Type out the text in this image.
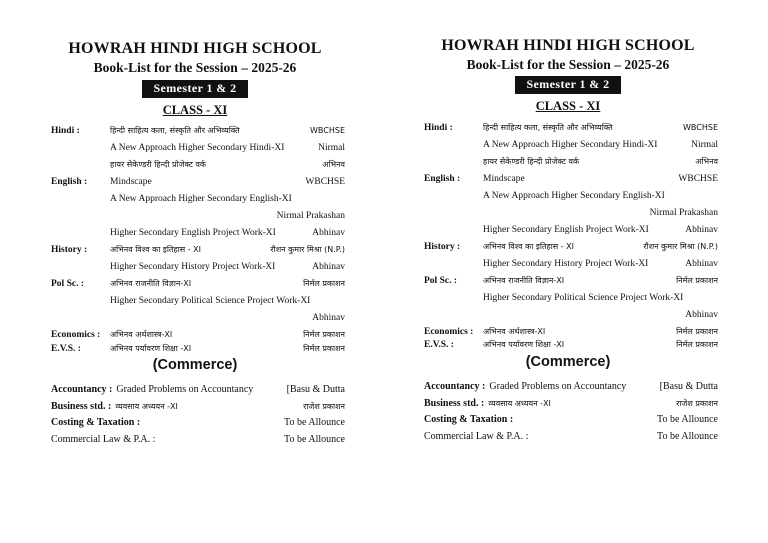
HOWRAH HINDI HIGH SCHOOL
Book-List for the Session – 2025-26
Semester 1 & 2
CLASS - XI
Hindi :	हिन्दी साहित्य कला, संस्कृति और अभिव्यक्ति	WBCHSE
A New Approach Higher Secondary Hindi-XI	Nirmal
हायर सेकेण्डरी हिन्दी प्रोजेक्ट वर्क	अभिनव
English : Mindscape	WBCHSE
A New Approach Higher Secondary English-XI
Nirmal Prakashan
Higher Secondary English Project Work-XI	Abhinav
History :	अभिनव विश्व का इतिहास - XI	रौशन कुमार मिश्रा (N.P.)
Higher Secondary History Project Work-XI	Abhinav
Pol Sc. :	अभिनव राजनीति विज्ञान-XI	निर्मल प्रकाशन
Higher Secondary Political Science Project Work-XI
Abhinav
Economics : अभिनव अर्थशास्त्र-XI	निर्मल प्रकाशन
E.V.S. :	अभिनव पर्यावरण शिक्षा -XI	निर्मल प्रकाशन
(Commerce)
Accountancy : Graded Problems on Accountancy	[Basu & Dutta
Business std. : व्यवसाय अध्ययन -XI	राजेश प्रकाशन
Costing & Taxation :	To be Allounce
Commercial Law & P.A. :	To be Allounce
HOWRAH HINDI HIGH SCHOOL
Book-List for the Session – 2025-26
Semester 1 & 2
CLASS - XI
Hindi :	हिन्दी साहित्य कला, संस्कृति और अभिव्यक्ति	WBCHSE
A New Approach Higher Secondary Hindi-XI	Nirmal
हायर सेकेण्डरी हिन्दी प्रोजेक्ट वर्क	अभिनव
English : Mindscape	WBCHSE
A New Approach Higher Secondary English-XI
Nirmal Prakashan
Higher Secondary English Project Work-XI	Abhinav
History :	अभिनव विश्व का इतिहास - XI	रौशन कुमार मिश्रा (N.P.)
Higher Secondary History Project Work-XI	Abhinav
Pol Sc. :	अभिनव राजनीति विज्ञान-XI	निर्मल प्रकाशन
Higher Secondary Political Science Project Work-XI
Abhinav
Economics : अभिनव अर्थशास्त्र-XI	निर्मल प्रकाशन
E.V.S. :	अभिनव पर्यावरण शिक्षा -XI	निर्मल प्रकाशन
(Commerce)
Accountancy : Graded Problems on Accountancy	[Basu & Dutta
Business std. : व्यवसाय अध्ययन -XI	राजेश प्रकाशन
Costing & Taxation :	To be Allounce
Commercial Law & P.A. :	To be Allounce
